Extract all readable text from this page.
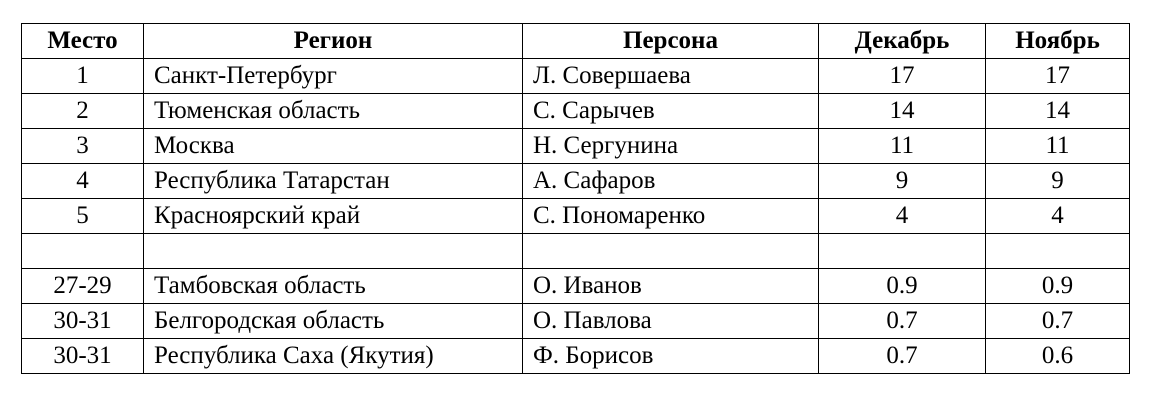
Место	Регион	Персона	Декабрь	Ноябрь
1	Санкт-Петербург	Л. Совершаева	17	17
2	Тюменская область	С. Сарычев	14	14
3	Москва	Н. Сергунина	11	11
4	Республика Татарстан	А. Сафаров	9	9
5	Красноярский край	С. Пономаренко	4	4

27-29	Тамбовская область	О. Иванов	0.9	0.9
30-31	Белгородская область	О. Павлова	0.7	0.7
30-31	Республика Саха (Якутия)	Ф. Борисов	0.7	0.6
